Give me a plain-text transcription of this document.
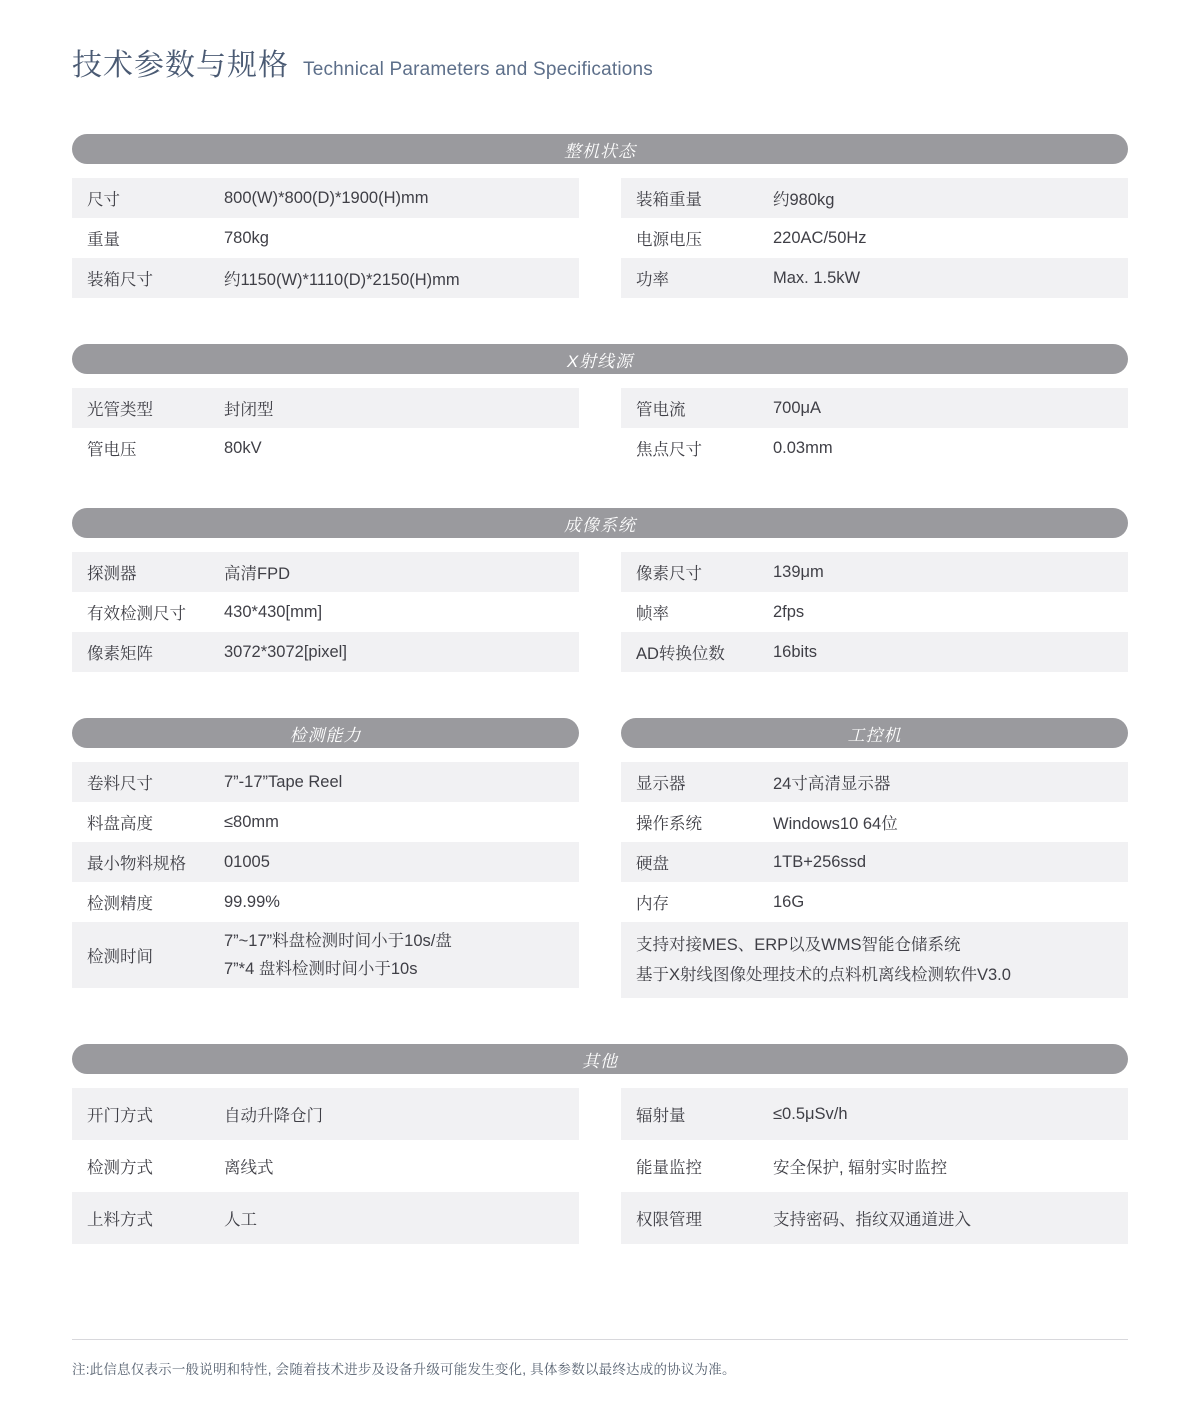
技术参数与规格 Technical Parameters and Specifications
整机状态
尺寸	800(W)*800(D)*1900(H)mm
重量	780kg
装箱尺寸	约1150(W)*1110(D)*2150(H)mm
装箱重量	约980kg
电源电压	220AC/50Hz
功率	Max. 1.5kW
X射线源
光管类型	封闭型
管电压	80kV
管电流	700μA
焦点尺寸	0.03mm
成像系统
探测器	高清FPD
有效检测尺寸	430*430[mm]
像素矩阵	3072*3072[pixel]
像素尺寸	139μm
帧率	2fps
AD转换位数	16bits
检测能力	工控机
卷料尺寸	7”-17”Tape Reel
料盘高度	≤80mm
最小物料规格	01005
检测精度	99.99%
检测时间
7”~17”料盘检测时间小于10s/盘
7”*4 盘料检测时间小于10s
显示器	24寸高清显示器
操作系统	Windows10 64位
硬盘	1TB+256ssd
内存	16G
支持对接MES、ERP以及WMS智能仓储系统
基于X射线图像处理技术的点料机离线检测软件V3.0
其他
开门方式	自动升降仓门
检测方式	离线式
上料方式	人工
辐射量	≤0.5μSv/h
能量监控	安全保护, 辐射实时监控
权限管理	支持密码、指纹双通道进入
注:此信息仅表示一般说明和特性, 会随着技术进步及设备升级可能发生变化, 具体参数以最终达成的协议为准。
